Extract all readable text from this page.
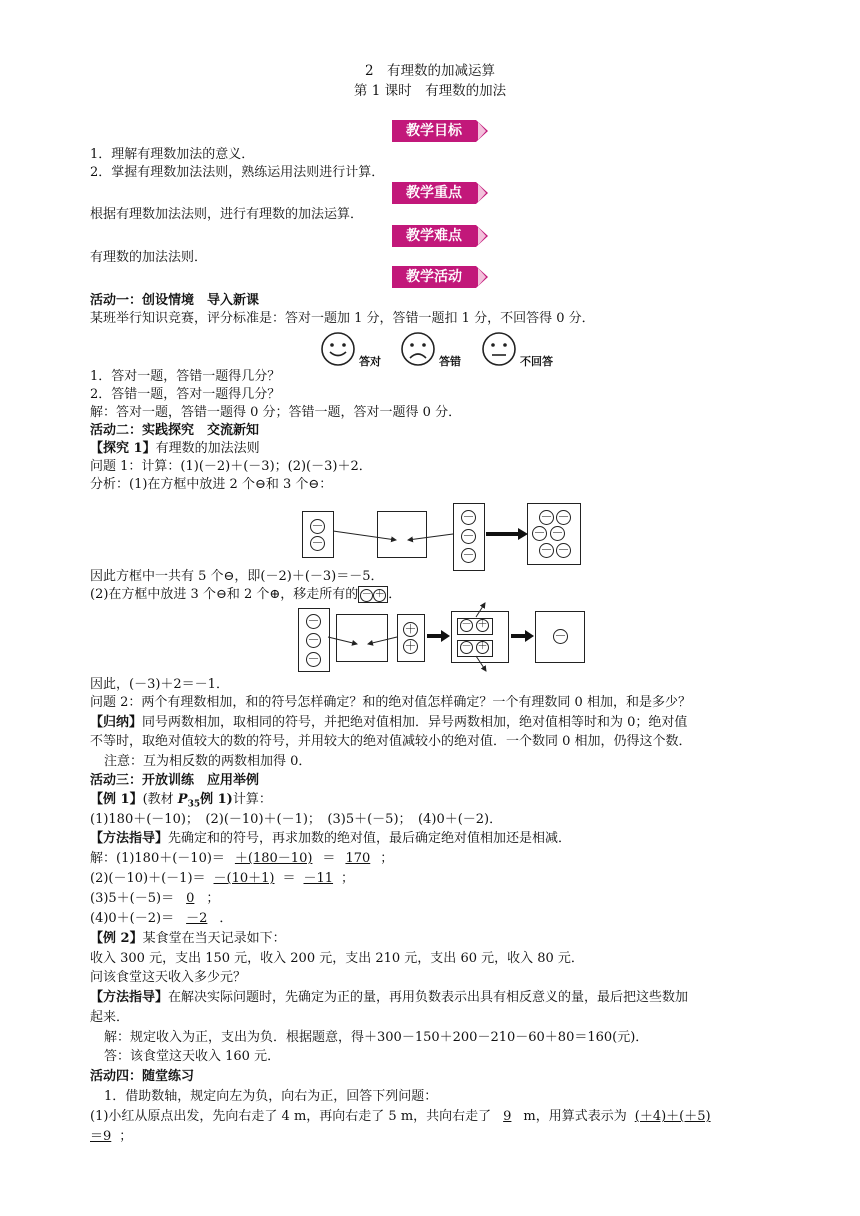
2　有理数的加减运算
第 1 课时　有理数的加法
教学目标
1．理解有理数加法的意义．
2．掌握有理数加法法则，熟练运用法则进行计算．
教学重点
根据有理数加法法则，进行有理数的加法运算．
教学难点
有理数的加法法则．
教学活动
活动一：创设情境　导入新课
某班举行知识竞赛，评分标准是：答对一题加 1 分，答错一题扣 1 分，不回答得 0 分．
答对	答错	不回答
1．答对一题，答错一题得几分？
2．答错一题，答对一题得几分？
解：答对一题，答错一题得 0 分；答错一题，答对一题得 0 分．
活动二：实践探究　交流新知
【探究 1】有理数的加法法则
问题 1：计算：(1)(－2)＋(－3)；(2)(－3)＋2．
分析：(1)在方框中放进 2 个⊖和 3 个⊖：
－
－
－
－
－
－ －
－ －
－ －
因此方框中一共有 5 个⊖，即(－2)＋(－3)＝－5．
(2)在方框中放进 3 个⊖和 2 个⊕，移走所有的 － ＋ ．
－
－
－
＋
＋
－ ＋
－ ＋
－
因此，(－3)＋2＝－1．
问题 2：两个有理数相加，和的符号怎样确定？和的绝对值怎样确定？一个有理数同 0 相加，和是多少？
【归纳】同号两数相加，取相同的符号，并把绝对值相加．异号两数相加，绝对值相等时和为 0；绝对值
不等时，取绝对值较大的数的符号，并用较大的绝对值减较小的绝对值．一个数同 0 相加，仍得这个数．
注意：互为相反数的两数相加得 0．
活动三：开放训练　应用举例
【例 1】(教材 $P_{35}$例 1)计算：
(1)180＋(－10)；　(2)(－10)＋(－1)；　(3)5＋(－5)；　(4)0＋(－2)．
【方法指导】先确定和的符号，再求加数的绝对值，最后确定绝对值相加还是相减．
解：(1)180＋(－10)＝ ＋(180－10) ＝ 170 ；
(2)(－10)＋(－1)＝ －(10＋1) ＝ －11 ；
(3)5＋(－5)＝ 0 ；
(4)0＋(－2)＝ －2 ．
【例 2】某食堂在当天记录如下：
收入 300 元，支出 150 元，收入 200 元，支出 210 元，支出 60 元，收入 80 元．
问该食堂这天收入多少元？
【方法指导】在解决实际问题时，先确定为正的量，再用负数表示出具有相反意义的量，最后把这些数加
起来．
解：规定收入为正，支出为负．根据题意，得＋300－150＋200－210－60＋80＝160(元)．
答：该食堂这天收入 160 元．
活动四：随堂练习
1．借助数轴，规定向左为负，向右为正，回答下列问题：
(1)小红从原点出发，先向右走了 4 m，再向右走了 5 m，共向右走了 9 m，用算式表示为 (＋4)＋(＋5)
＝9 ；
